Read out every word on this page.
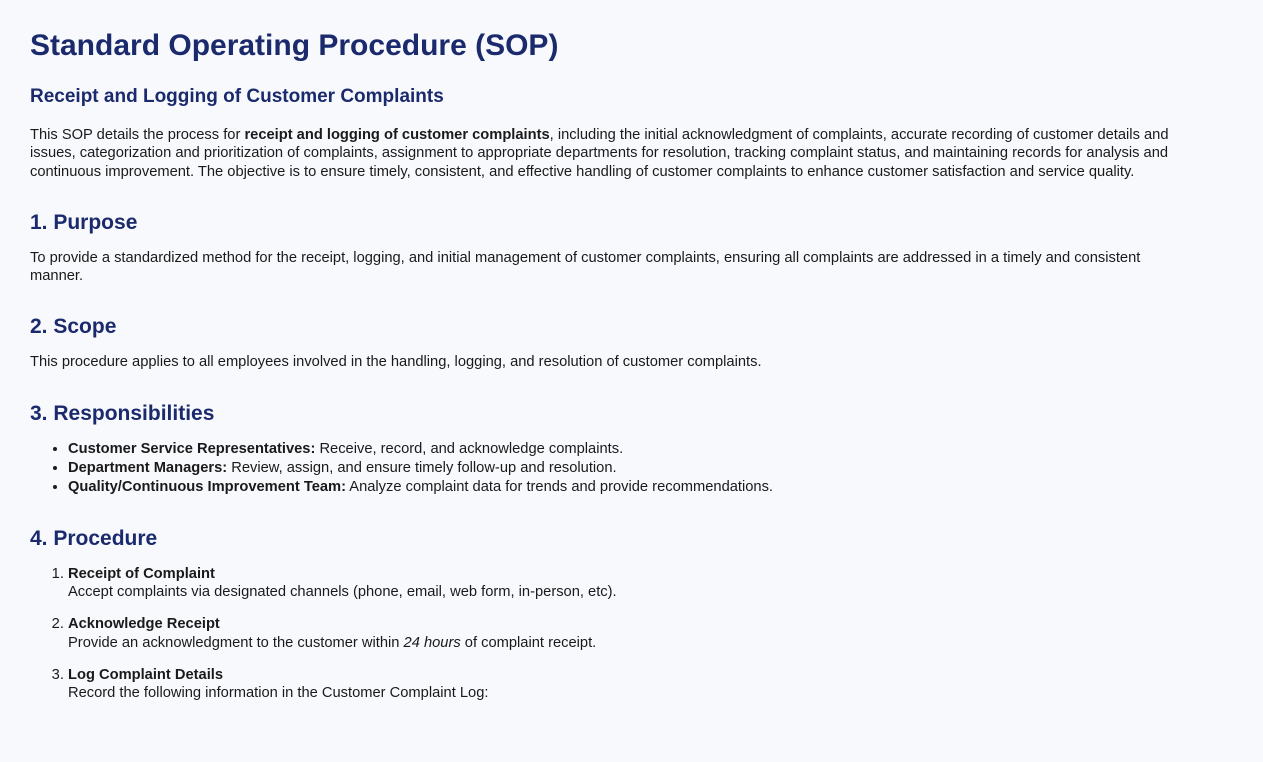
Standard Operating Procedure (SOP)
Receipt and Logging of Customer Complaints

This SOP details the process for receipt and logging of customer complaints, including the initial acknowledgment of complaints, accurate recording of customer details and issues, categorization and prioritization of complaints, assignment to appropriate departments for resolution, tracking complaint status, and maintaining records for analysis and continuous improvement. The objective is to ensure timely, consistent, and effective handling of customer complaints to enhance customer satisfaction and service quality.

1. Purpose

To provide a standardized method for the receipt, logging, and initial management of customer complaints, ensuring all complaints are addressed in a timely and consistent manner.

2. Scope

This procedure applies to all employees involved in the handling, logging, and resolution of customer complaints.

3. Responsibilities
• Customer Service Representatives: Receive, record, and acknowledge complaints.
• Department Managers: Review, assign, and ensure timely follow-up and resolution.
• Quality/Continuous Improvement Team: Analyze complaint data for trends and provide recommendations.
4. Procedure
1. Receipt of Complaint
Accept complaints via designated channels (phone, email, web form, in-person, etc).
2. Acknowledge Receipt
Provide an acknowledgment to the customer within 24 hours of complaint receipt.
3. Log Complaint Details
Record the following information in the Customer Complaint Log:
